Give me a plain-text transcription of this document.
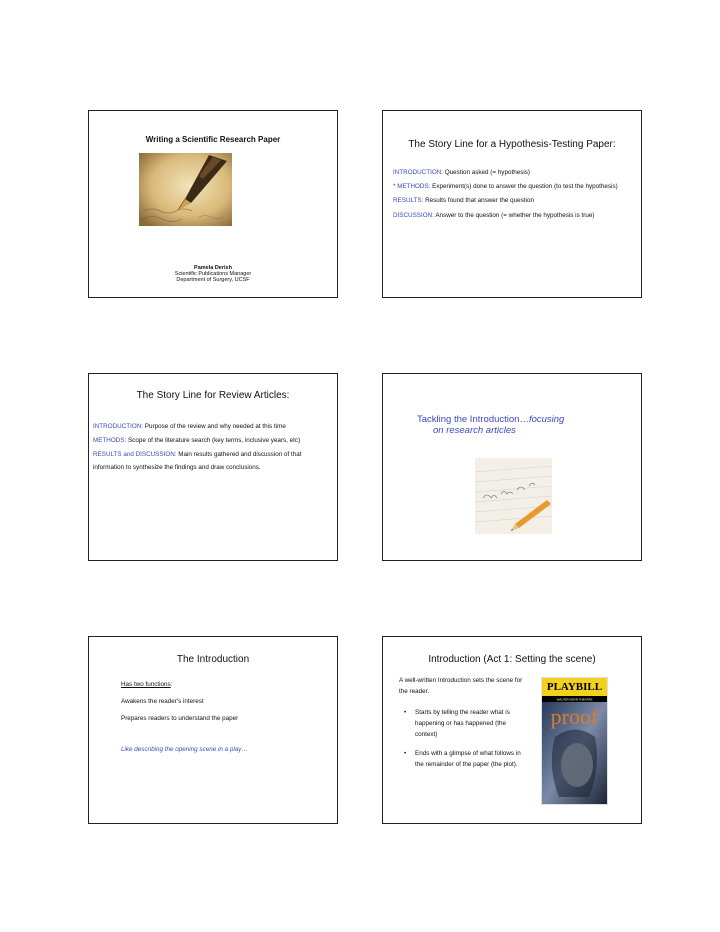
Writing a Scientific Research Paper
Pamela Derish
Scientific Publications Manager
Department of Surgery, UCSF
The Story Line for a Hypothesis-Testing Paper:

INTRODUCTION: Question asked (= hypothesis)

* METHODS: Experiment(s) done to answer the question (to test the hypothesis)

RESULTS: Results found that answer the question

DISCUSSION: Answer to the question (= whether the hypothesis is true)

The Story Line for Review Articles:

INTRODUCTION: Purpose of the review and why needed at this time

METHODS: Scope of the literature search (key terms, inclusive years, etc)

RESULTS and DISCUSSION: Main results gathered and discussion of that information to synthesize the findings and draw conclusions.

Tackling the Introduction…focusing
on research articles
The Introduction
Has two functions:
Awakens the reader's interest
Prepares readers to understand the paper
Like describing the opening scene in a play…
Introduction (Act 1: Setting the scene)
A well-written Introduction sets the scene for the reader.
• Starts by telling the reader what is happening or has happened (the context)
• Ends with a glimpse of what follows in the remainder of the paper (the plot).
PLAYBILL
WALTER KERR THEATRE
proof
